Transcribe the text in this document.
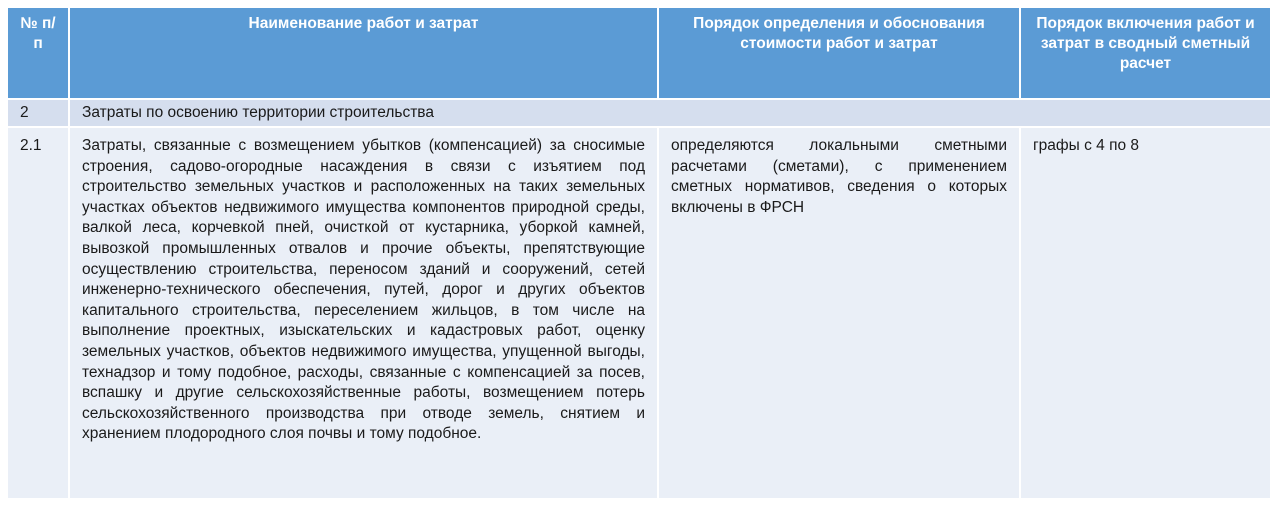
№ п/п	Наименование работ и затрат	Порядок определения и обоснования стоимости работ и затрат	Порядок включения работ и затрат в сводный сметный расчет
2	Затраты по освоению территории строительства		
2.1	Затраты, связанные с возмещением убытков (компенсацией) за сносимые строения, садово-огородные насаждения в связи с изъятием под строительство земельных участков и расположенных на таких земельных участках объектов недвижимого имущества компонентов природной среды, валкой леса, корчевкой пней, очисткой от кустарника, уборкой камней, вывозкой промышленных отвалов и прочие объекты, препятствующие осуществлению строительства, переносом зданий и сооружений, сетей инженерно-технического обеспечения, путей, дорог и других объектов капитального строительства, переселением жильцов, в том числе на выполнение проектных, изыскательских и кадастровых работ, оценку земельных участков, объектов недвижимого имущества, упущенной выгоды, технадзор и тому подобное, расходы, связанные с компенсацией за посев, вспашку и другие сельскохозяйственные работы, возмещением потерь сельскохозяйственного производства при отводе земель, снятием и хранением плодородного слоя почвы и тому подобное.	определяются локальными сметными расчетами (сметами), с применением сметных нормативов, сведения о которых включены в ФРСН	графы с 4 по 8
